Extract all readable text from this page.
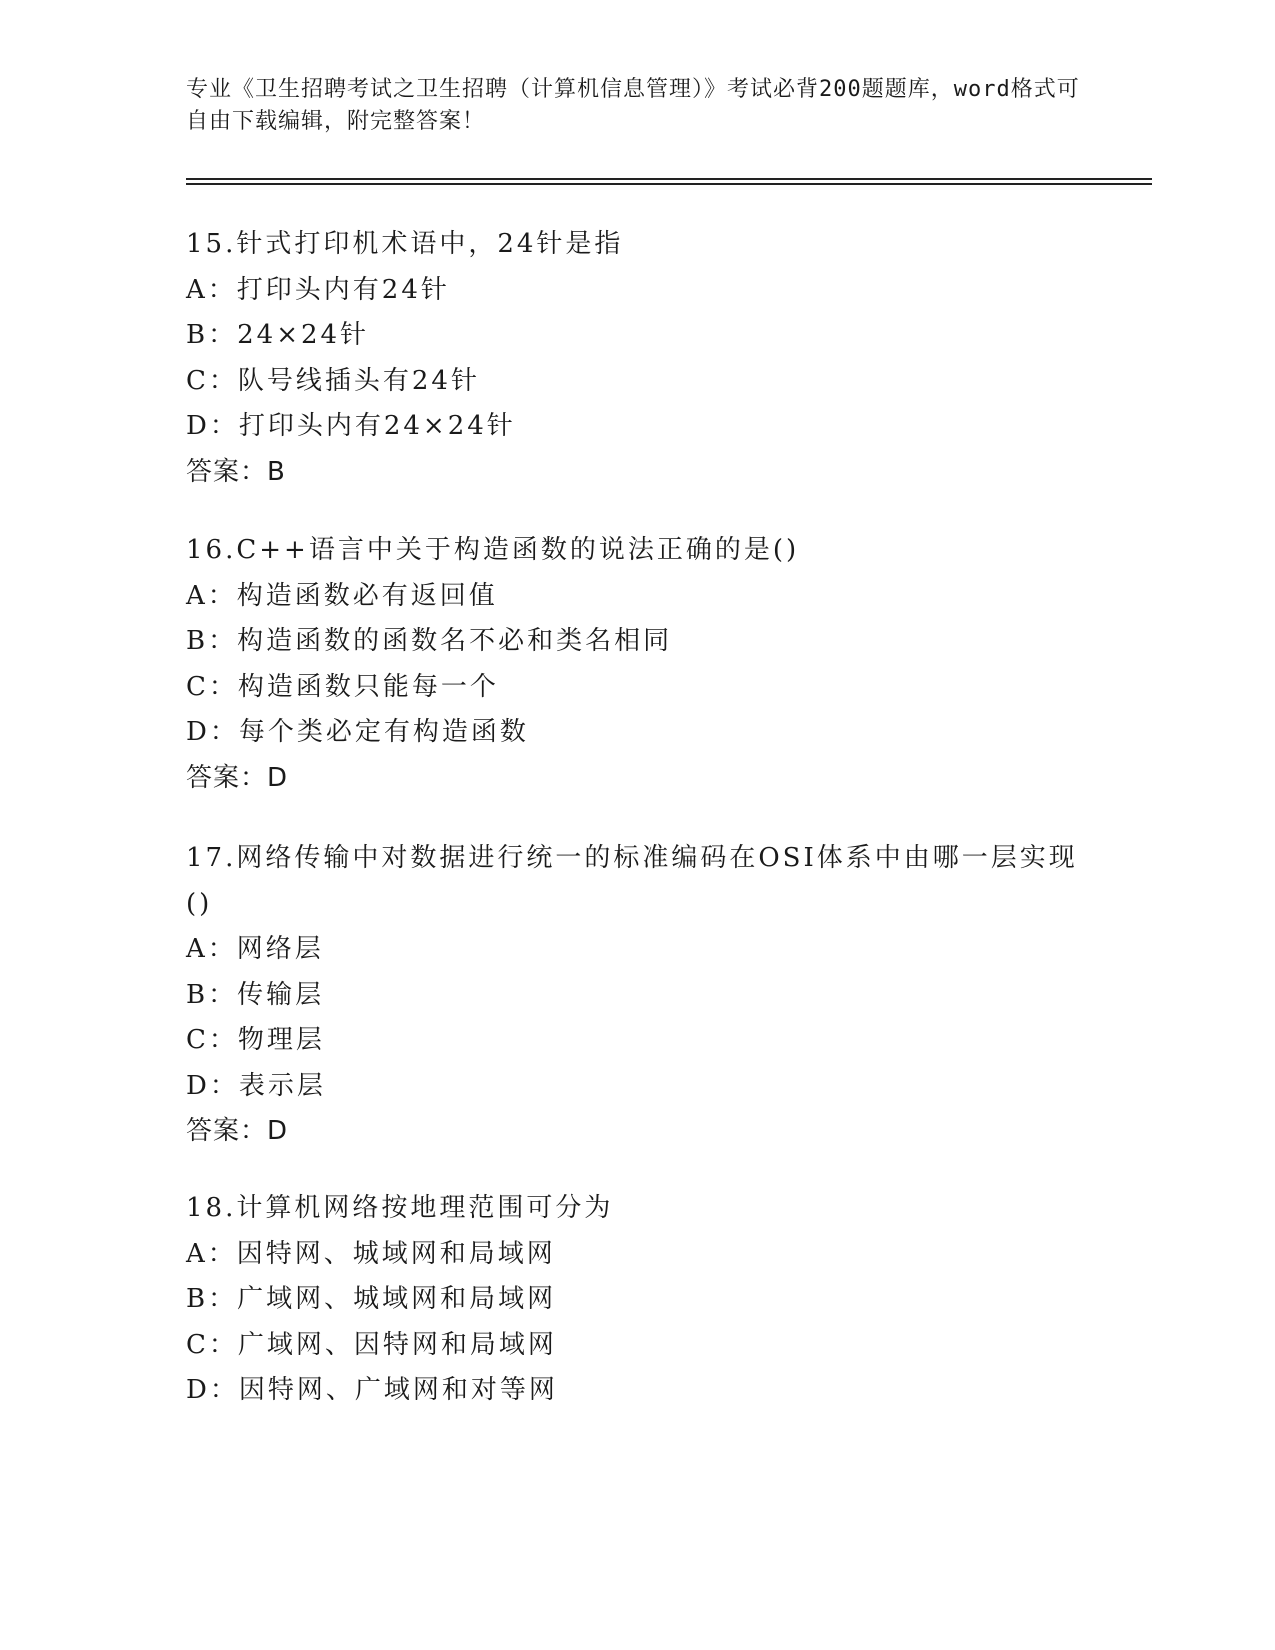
专业《卫生招聘考试之卫生招聘（计算机信息管理）》考试必背200题题库，word格式可自由下载编辑，附完整答案！
15.针式打印机术语中，24针是指
A：打印头内有24针
B：24×24针
C：队号线插头有24针
D：打印头内有24×24针
答案：B
16.C++语言中关于构造函数的说法正确的是()
A：构造函数必有返回值
B：构造函数的函数名不必和类名相同
C：构造函数只能每一个
D：每个类必定有构造函数
答案：D
17.网络传输中对数据进行统一的标准编码在OSI体系中由哪一层实现()
A：网络层
B：传输层
C：物理层
D：表示层
答案：D
18.计算机网络按地理范围可分为
A：因特网、城域网和局域网
B：广域网、城域网和局域网
C：广域网、因特网和局域网
D：因特网、广域网和对等网
